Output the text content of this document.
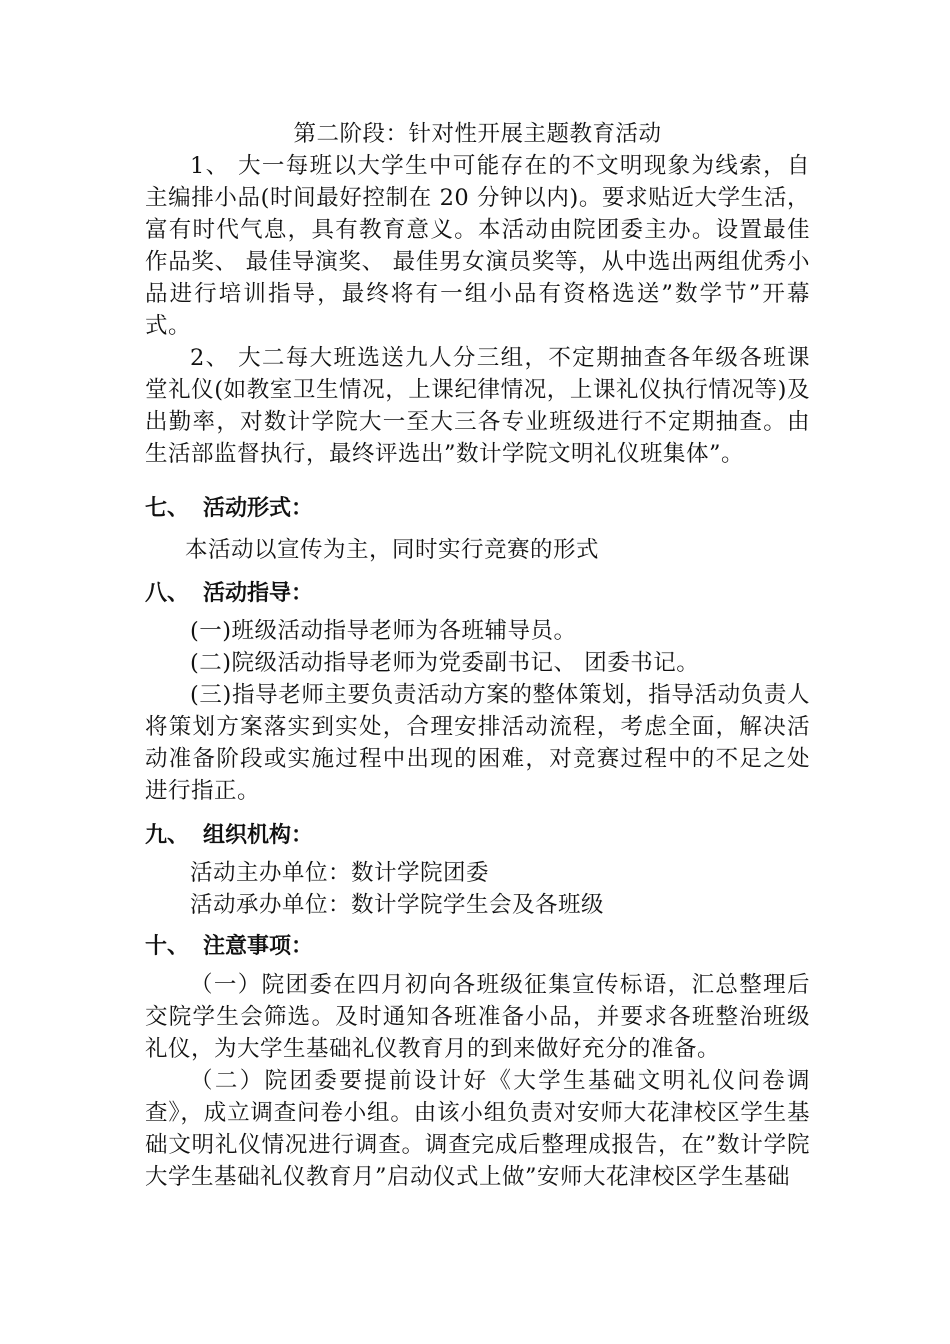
第二阶段：针对性开展主题教育活动

1、 大一每班以大学生中可能存在的不文明现象为线索，自主编排小品(时间最好控制在 20 分钟以内)。要求贴近大学生活，富有时代气息，具有教育意义。本活动由院团委主办。设置最佳作品奖、 最佳导演奖、 最佳男女演员奖等，从中选出两组优秀小品进行培训指导，最终将有一组小品有资格选送”数学节”开幕式。

2、 大二每大班选送九人分三组，不定期抽查各年级各班课堂礼仪(如教室卫生情况，上课纪律情况，上课礼仪执行情况等)及出勤率，对数计学院大一至大三各专业班级进行不定期抽查。由生活部监督执行，最终评选出”数计学院文明礼仪班集体”。

七、 活动形式：

本活动以宣传为主，同时实行竞赛的形式

八、 活动指导：

(一)班级活动指导老师为各班辅导员。

(二)院级活动指导老师为党委副书记、 团委书记。

(三)指导老师主要负责活动方案的整体策划，指导活动负责人将策划方案落实到实处，合理安排活动流程，考虑全面，解决活动准备阶段或实施过程中出现的困难，对竞赛过程中的不足之处进行指正。

九、 组织机构：

活动主办单位：数计学院团委

活动承办单位：数计学院学生会及各班级

十、 注意事项：

（一）院团委在四月初向各班级征集宣传标语，汇总整理后交院学生会筛选。及时通知各班准备小品，并要求各班整治班级礼仪，为大学生基础礼仪教育月的到来做好充分的准备。

（二）院团委要提前设计好《大学生基础文明礼仪问卷调查》，成立调查问卷小组。由该小组负责对安师大花津校区学生基础文明礼仪情况进行调查。调查完成后整理成报告，在”数计学院大学生基础礼仪教育月”启动仪式上做”安师大花津校区学生基础
